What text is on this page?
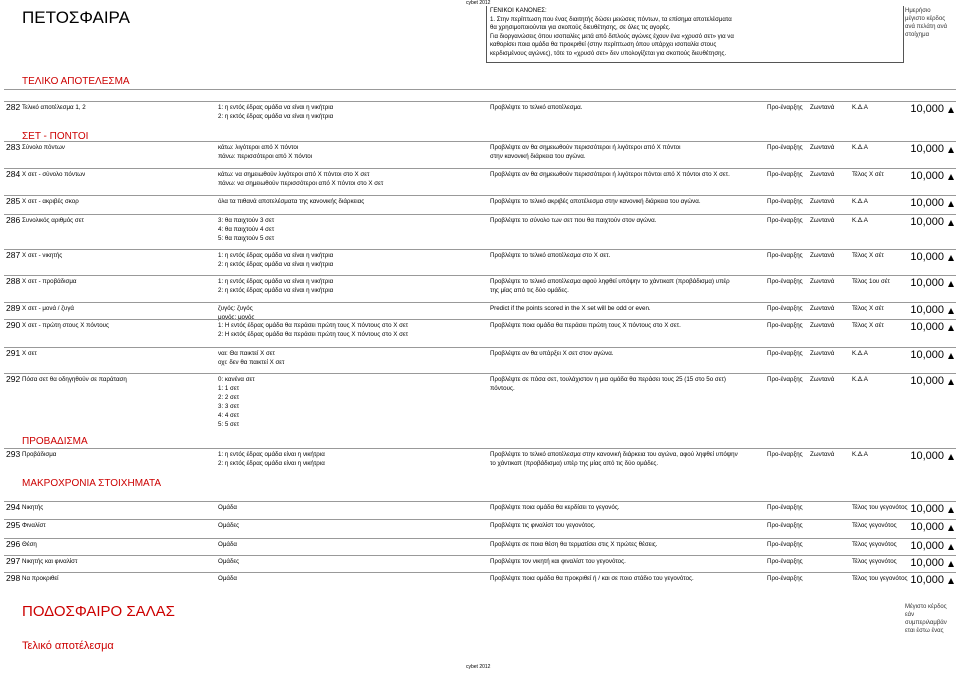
cybet 2012
ΠΕΤΟΣΦΑΙΡΑ	ΓΕΝΙΚΟΙ ΚΑΝΟΝΕΣ:
1. Στην περίπτωση που ένας διαιτητής δώσει μειώσεις πόντων, τα επίσημα αποτελέσματα
θα χρησιμοποιούνται για σκοπούς διευθέτησης, σε όλες τις αγορές.
Για διοργανώσεις όπου ισοπαλίες μετά από διπλούς αγώνες έχουν ένα «χρυσό σετ» για να
καθορίσει ποια ομάδα θα προκριθεί (στην περίπτωση όπου υπάρχει ισοπαλία στους
κερδισμένους αγώνες), τότε το «χρυσό σετ» δεν υπολογίζεται για σκοπούς διευθέτησης.
Ημερήσιο
μέγιστο κέρδος
ανά πελάτη ανά
στοίχημα
ΤΕΛΙΚΟ ΑΠΟΤΕΛΕΣΜΑ
ΣΕΤ - ΠΟΝΤΟΙ
ΠΡΟΒΑΔΙΣΜΑ
ΜΑΚΡΟΧΡΟΝΙΑ ΣΤΟΙΧΗΜΑΤΑ
282 Τελικό αποτέλεσμα 1, 2	1: η εντός έδρας ομάδα να είναι η νικήτρια
2: η εκτός έδρας ομάδα να είναι η νικήτρια
Προβλέψτε το τελικό αποτέλεσμα.	Προ-έναρξης Ζωντανά	Κ.Δ.Α	10,000
283 Σύνολο πόντων	κάτω: λιγότεροι από Χ πόντοι
πάνω: περισσότεροι από Χ πόντοι
Προβλέψτε αν θα σημειωθούν περισσότεροι ή λιγότεροι από Χ πόντοι
στην κανονική διάρκεια του αγώνα.
Προ-έναρξης Ζωντανά	Κ.Δ.Α	10,000
284 Χ σετ - σύνολο πόντων	κάτω: να σημειωθούν λιγότεροι από Χ πόντοι στο Χ σετ
πάνω: να σημειωθούν περισσότεροι από Χ πόντοι στο Χ σετ
Προβλέψτε αν θα σημειωθούν περισσότεροι ή λιγότεροι πόντοι από Χ πόντοι στο Χ σετ.	Προ-έναρξης Ζωντανά	Τέλος Χ σέτ	10,000
285 Χ σετ - ακριβές σκορ	όλα τα πιθανά αποτελέσματα της κανονικής διάρκειας	Προβλέψτε το τελικό ακριβές αποτέλεσμα στην κανονική διάρκεια του αγώνα.	Προ-έναρξης Ζωντανά	Κ.Δ.Α	10,000
286 Συνολικός αριθμός σετ	3: θα παιχτούν 3 σετ
4: θα παιχτούν 4 σετ
5: θα παιχτούν 5 σετ
Προβλέψτε το σύνολο των σετ που θα παιχτούν στον αγώνα.	Προ-έναρξης Ζωντανά	Κ.Δ.Α	10,000
287 Χ σετ - νικητής	1: η εντός έδρας ομάδα να είναι η νικήτρια
2: η εκτός έδρας ομάδα να είναι η νικήτρια
Προβλέψτε το τελικό αποτέλεσμα στο Χ σετ.	Προ-έναρξης Ζωντανά	Τέλος Χ σέτ	10,000
288 Χ σετ - προβάδισμα	1: η εντός έδρας ομάδα να είναι η νικήτρια
2: η εκτός έδρας ομάδα να είναι η νικήτρια
Προβλέψτε το τελικό αποτέλεσμα αφού ληφθεί υπόψην το χάντικαπ (προβάδισμα) υπέρ
της μίας από τις δύο ομάδες.
Προ-έναρξης Ζωντανά	Τέλος 1ου σέτ	10,000
289 Χ σετ - μονά / ζυγά	ζυγός: ζυγός
μονός: μονός
Predict if the points scored in the X set will be odd or even.	Προ-έναρξης Ζωντανά	Τέλος Χ σέτ	10,000
290 Χ σετ - πρώτη στους Χ πόντους	1: Η εντός έδρας ομάδα θα περάσει πρώτη τους Χ πόντους στο Χ σετ
2: Η εκτός έδρας ομάδα θα περάσει πρώτη τους Χ πόντους στο Χ σετ
Προβλέψτε ποια ομάδα θα περάσει πρώτη τους Χ πόντους στο Χ σετ.	Προ-έναρξης Ζωντανά	Τέλος Χ σέτ	10,000
291 Χ σετ	ναι: Θα παικτεί Χ σετ
οχι: δεν θα παικτεί Χ σετ
Προβλέψτε αν θα υπάρξει Χ σετ στον αγώνα.	Προ-έναρξης Ζωντανά	Κ.Δ.Α	10,000
292 Πόσα σετ θα οδηγηθούν σε παράταση	0: κανένα σετ
1: 1 σετ
2: 2 σετ
3: 3 σετ
4: 4 σετ
5: 5 σετ
Προβλέψτε σε πόσα σετ, τουλάχιστον η μια ομάδα θα περάσει τους 25 (15 στο 5ο σετ)
πόντους.
Προ-έναρξης Ζωντανά	Κ.Δ.Α	10,000
293 Προβάδισμα	1: η εντός έδρας ομάδα είναι η νικήτρια
2: η εκτός έδρας ομάδα είναι η νικήτρια
Προβλέψτε το τελικό αποτέλεσμα στην κανονική διάρκεια του αγώνα, αφού ληφθεί υπόψην
το χάντικαπ (προβάδισμα) υπέρ της μίας από τις δύο ομάδες.
Προ-έναρξης Ζωντανά	Κ.Δ.Α	10,000
294 Νικητής	Ομάδα	Προβλέψτε ποια ομάδα θα κερδίσει το γεγονός.	Προ-έναρξης	Τέλος του γεγονότος 10,000
295 Φιναλίστ	Ομάδες	Προβλέψτε τις φιναλίστ του γεγονότος.	Προ-έναρξης	Τέλος γεγονότος	10,000
296 Θέση	Ομάδα	Προβλέψτε σε ποια θέση θα τερματίσει στις Χ πρώτες θέσεις.	Προ-έναρξης	Τέλος γεγονότος	10,000
297 Νικητής και φιναλίστ	Ομάδες	Προβλέψτε τον νικητή και φιναλίστ του γεγονότος.	Προ-έναρξης	Τέλος γεγονότος	10,000
298 Να προκριθεί	Ομάδα	Προβλέψτε ποια ομάδα θα προκριθεί ή / και σε ποιο στάδιο του γεγονότος.	Προ-έναρξης	Τέλος του γεγονότος 10,000
ΠΟΔΟΣΦΑΙΡΟ ΣΑΛΑΣ
Τελικό αποτέλεσμα
Μέγιστο κέρδος
εάν
συμπεριλαμβάν
εται έστω ένας
cybet 2012
